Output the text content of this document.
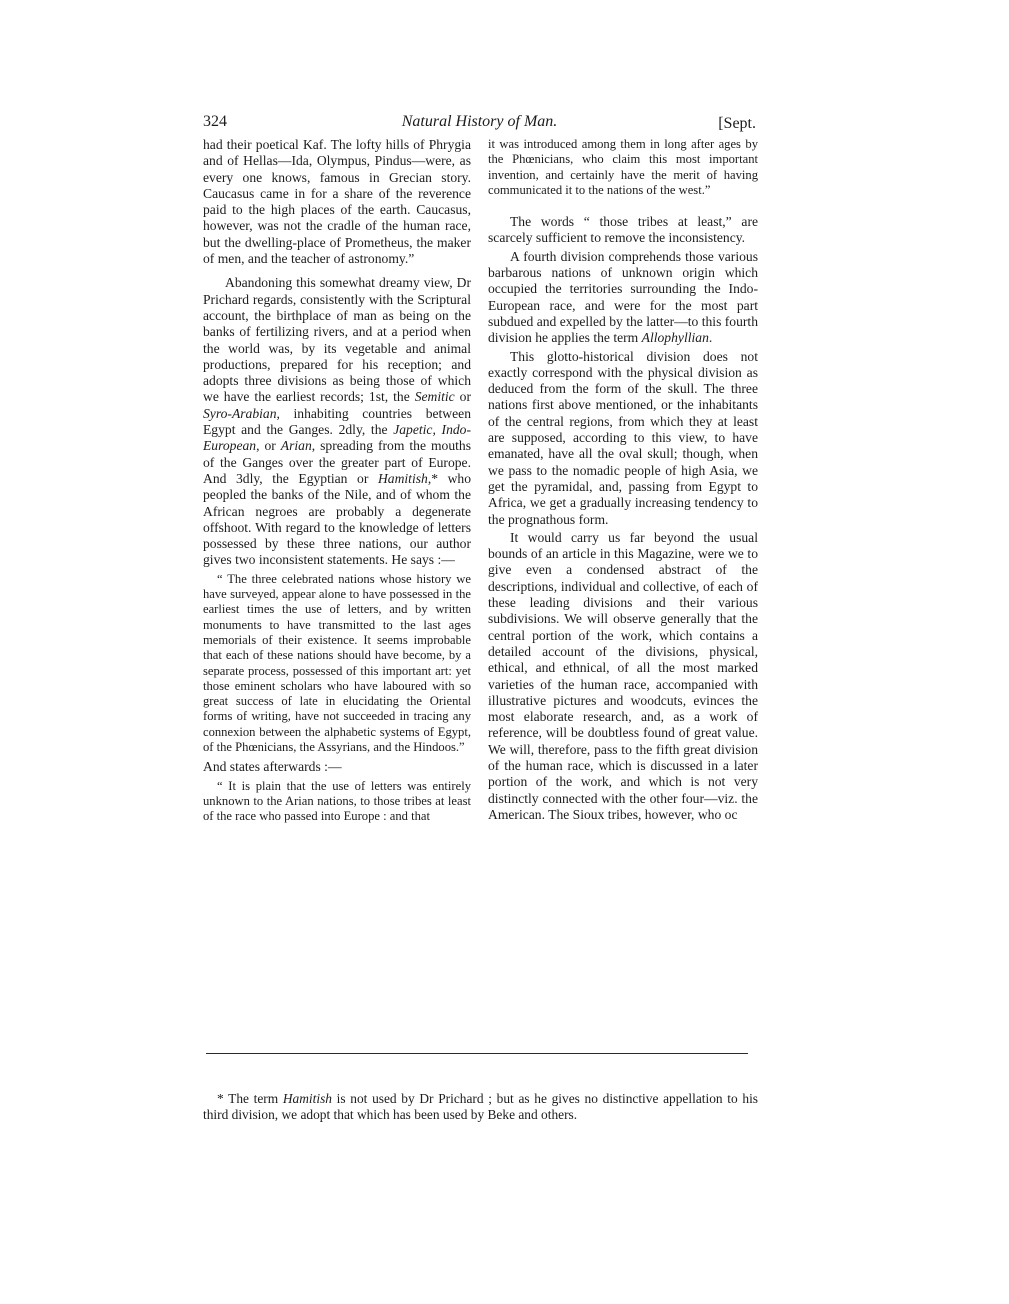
324	Natural History of Man.	[Sept.

had their poetical Kaf. The lofty hills of Phrygia and of Hellas—Ida, Olympus, Pindus—were, as every one knows, famous in Grecian story. Caucasus came in for a share of the reverence paid to the high places of the earth. Caucasus, however, was not the cradle of the human race, but the dwelling-place of Prometheus, the maker of men, and the teacher of astronomy.”

Abandoning this somewhat dreamy view, Dr Prichard regards, consistently with the Scriptural account, the birthplace of man as being on the banks of fertilizing rivers, and at a period when the world was, by its vegetable and animal productions, prepared for his reception; and adopts three divisions as being those of which we have the earliest records; 1st, the Semitic or Syro-Arabian, inhabiting countries between Egypt and the Ganges. 2dly, the Japetic, Indo-European, or Arian, spreading from the mouths of the Ganges over the greater part of Europe. And 3dly, the Egyptian or Hamitish,* who peopled the banks of the Nile, and of whom the African negroes are probably a degenerate offshoot. With regard to the knowledge of letters possessed by these three nations, our author gives two inconsistent statements. He says :—

“ The three celebrated nations whose history we have surveyed, appear alone to have possessed in the earliest times the use of letters, and by written monuments to have transmitted to the last ages memorials of their existence. It seems improbable that each of these nations should have become, by a separate process, possessed of this important art: yet those eminent scholars who have laboured with so great success of late in elucidating the Oriental forms of writing, have not succeeded in tracing any connexion between the alphabetic systems of Egypt, of the Phœnicians, the Assyrians, and the Hindoos.”

And states afterwards :—

“ It is plain that the use of letters was entirely unknown to the Arian nations, to those tribes at least of the race who passed into Europe : and that

it was introduced among them in long after ages by the Phœnicians, who claim this most important invention, and certainly have the merit of having communicated it to the nations of the west.”

The words “ those tribes at least,” are scarcely sufficient to remove the inconsistency.

A fourth division comprehends those various barbarous nations of unknown origin which occupied the territories surrounding the Indo-European race, and were for the most part subdued and expelled by the latter—to this fourth division he applies the term Allophyllian.

This glotto-historical division does not exactly correspond with the physical division as deduced from the form of the skull. The three nations first above mentioned, or the inhabitants of the central regions, from which they at least are supposed, according to this view, to have emanated, have all the oval skull; though, when we pass to the nomadic people of high Asia, we get the pyramidal, and, passing from Egypt to Africa, we get a gradually increasing tendency to the prognathous form.

It would carry us far beyond the usual bounds of an article in this Magazine, were we to give even a condensed abstract of the descriptions, individual and collective, of each of these leading divisions and their various subdivisions. We will observe generally that the central portion of the work, which contains a detailed account of the divisions, physical, ethical, and ethnical, of all the most marked varieties of the human race, accompanied with illustrative pictures and woodcuts, evinces the most elaborate research, and, as a work of reference, will be doubtless found of great value. We will, therefore, pass to the fifth great division of the human race, which is discussed in a later portion of the work, and which is not very distinctly connected with the other four—viz. the American. The Sioux tribes, however, who oc

* The term Hamitish is not used by Dr Prichard ; but as he gives no distinctive appellation to his third division, we adopt that which has been used by Beke and others.
